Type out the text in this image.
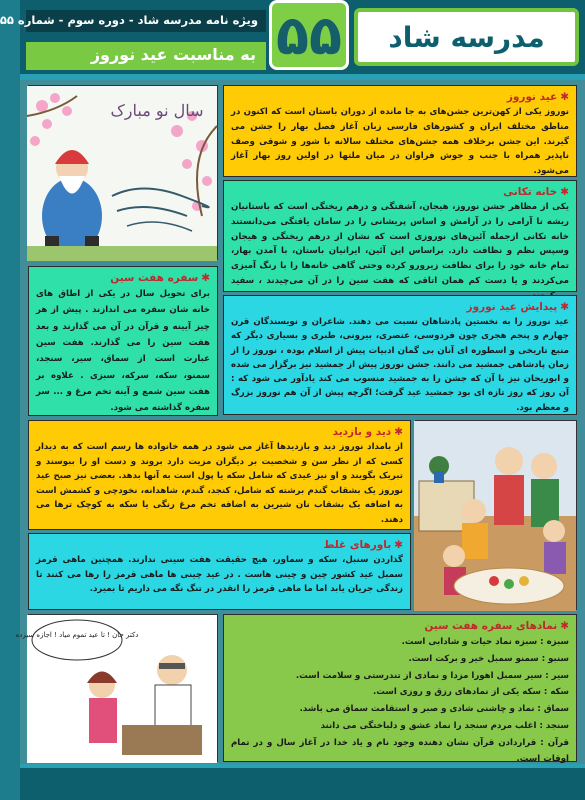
ویژه نامه مدرسه شاد - دوره سوم - شماره ۵۵
به مناسبت عید نوروز ۵۵	مدرسه شاد
سال نو مبارک
✱عید نوروز

نوروز یکی از کهن‌ترین جشن‌های به جا مانده از دوران باستان است که اکنون در مناطق مختلف ایران و کشورهای فارسی زبان آغاز فصل بهار را جشن می گیرند. این جشن برخلاف همه جشن‌های مختلف سالانه با شور و شوقی وصف ناپذیر همراه با جنب و جوش فراوان در میان ملتها در اولین روز بهار آغاز می‌شود.

✱خانه تکانی

یکی از مظاهر جشن نوروز، هیجان، آشفتگی و درهم ریختگی است که باستانیان ریشه نا آرامی را در آرامش و اساس پریشانی را در سامان یافتگی می‌دانستند خانه تکانی ازجمله آئین‌های نوروزی است که نشان از درهم ریختگی و هیجان وسپس نظم و نظافت دارد. براساس این آئین، ایرانیان باستان، با آمدن بهار، تمام خانه خود را برای نظافت زیرورو کرده وحتی گاهی خانه‌ها را با رنگ آمیزی می‌کردند و یا دست کم همان اتاقی که هفت سین را در آن می‌چیدند ، سفید

✱سفره هفت سین

برای تحویل سال در یکی از اطاق های خانه شان سفره می اندازند . پیش از هر چیز آیینه و قرآن در آن می گذارند و بعد هفت سین را می گذارند. هفت سین عبارت است از سماق، سیر، سنجد، سمنو، سکه، سرکه، سبزی . علاوه بر هفت سین شمع و آینه تخم مرغ و ... سر سفره گذاشته می شود.

✱پیدایش عید نوروز

عید نوروز را به نخستین پادشاهان نسبت می دهند. شاعران و نویسندگان قرن چهارم و پنجم هجری چون فردوسی، عنصری، بیرونی، طبری و بسیاری دیگر که منبع تاریخی و اسطوره ای آنان بی گمان ادبیات پیش از اسلام بوده ، نوروز را از زمان پادشاهی جمشید می دانند. جشن نوروز پیش از جمشید نیز برگزار می شده و ابوریحان نیز با آن که جشن را به جمشید منسوب می کند یادآور می شود که : آن روز که روز تازه ای بود جمشید عید گرفت؛ اگرچه پیش از آن هم نوروز بزرگ و معظم بود.

✱دید و بازدید

از بامداد نوروز دید و بازدیدها آغاز می شود در همه خانواده ها رسم است که به دیدار کسی که از نظر سن و شخصیت بر دیگران مزیت دارد بروند و دست او را ببوسند و تبریک بگویند و او نیز عیدی که شامل سکه یا پول است به آنها بدهد. بعضی نیز صبح عید نوروز یک بشقاب گندم برشته که شامل، کنجد، گندم، شاهدانه، نخودچی و کشمش است به اضافه یک بشقاب نان شیرین به اضافه تخم مرغ رنگی یا سکه به کوچک ترها می دهند.

✱باورهای غلط

گذاردن سنبل، سکه و سماور، هیچ حقیقت هفت سینی ندارند. همچنین ماهی قرمز سمبل عید کشور چین و چینی هاست . در عید چینی ها ماهی قرمز را رها می کنند تا زندگی جریان یابد اما ما ماهی قرمز را انقدر در تنگ نگه می داریم تا بمیرد.

دکتر جان ! تا عید تموم میاد ! اجازه سیزده
✱نمادهای سفره هفت سین

سبزه : سبزه نماد حیات و شادابی است.

سنبو : سمنو سمبل خیر و برکت است.

سیر : سیر سمبل اهورا مزدا و نمادی از تندرستی و سلامت است.

سکه : سکه یکی از نمادهای رزق و روزی است.

سماق : نماد و چاشنی شادی و صبر و استقامت سماق می باشد.

سنجد : اغلب مردم سنجد را نماد عشق و دلباختگی می دانند

قرآن : قراردادن قرآن نشان دهنده وجود نام و یاد خدا در آغاز سال و در تمام اوقات است.
